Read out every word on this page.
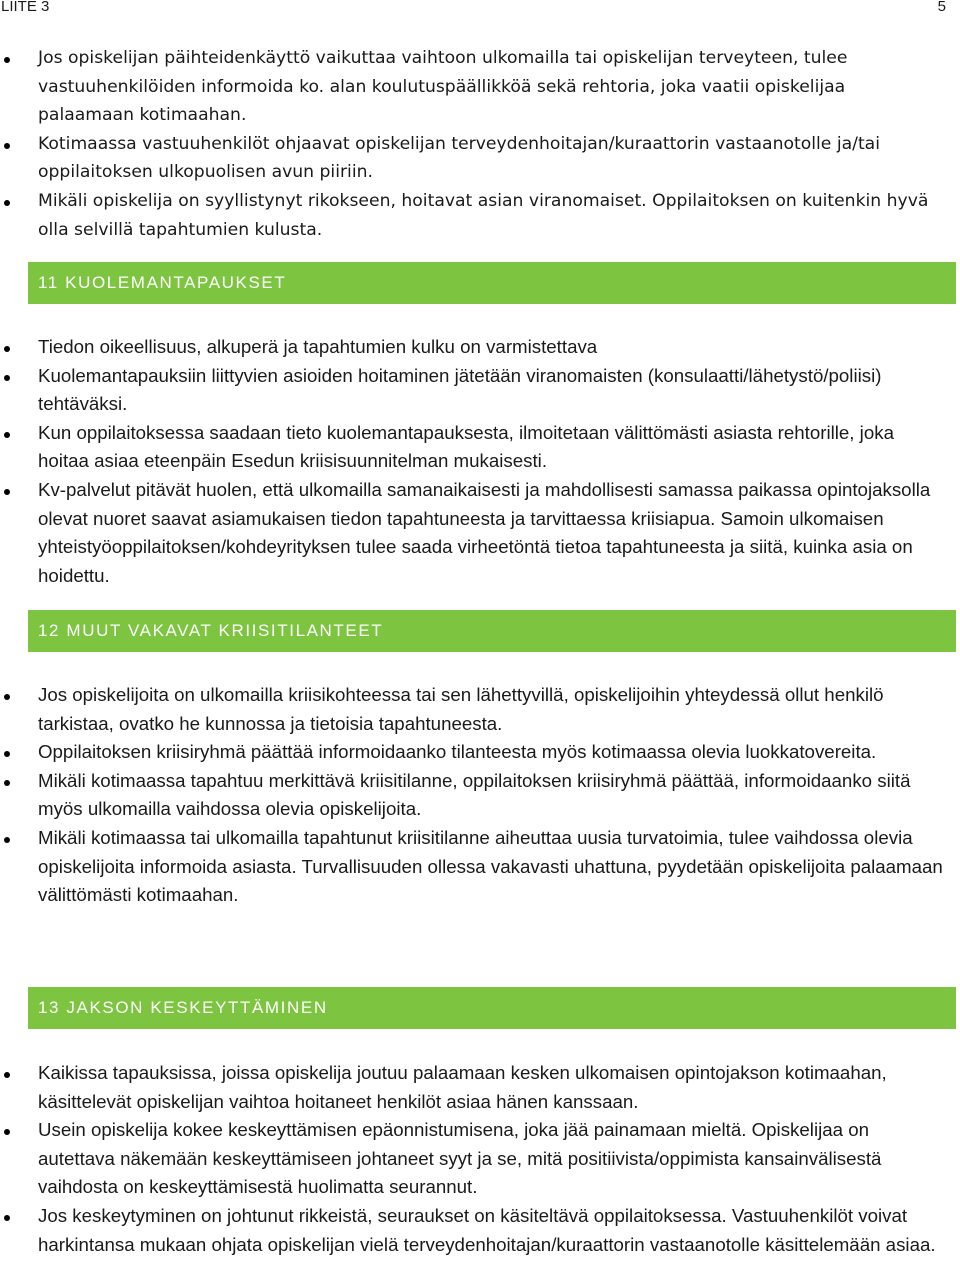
LIITE 3	5
Jos opiskelijan päihteidenkäyttö vaikuttaa vaihtoon ulkomailla tai opiskelijan terveyteen, tulee vastuuhenkilöiden informoida ko. alan koulutuspäällikköä sekä rehtoria, joka vaatii opiskelijaa palaamaan kotimaahan.
Kotimaassa vastuuhenkilöt ohjaavat opiskelijan terveydenhoitajan/kuraattorin vastaanotolle ja/tai oppilaitoksen ulkopuolisen avun piiriin.
Mikäli opiskelija on syyllistynyt rikokseen, hoitavat asian viranomaiset. Oppilaitoksen on kuitenkin hyvä olla selvillä tapahtumien kulusta.
11 KUOLEMANTAPAUKSET
Tiedon oikeellisuus, alkuperä ja tapahtumien kulku on varmistettava
Kuolemantapauksiin liittyvien asioiden hoitaminen jätetään viranomaisten (konsulaatti/lähetystö/poliisi) tehtäväksi.
Kun oppilaitoksessa saadaan tieto kuolemantapauksesta, ilmoitetaan välittömästi asiasta rehtorille, joka hoitaa asiaa eteenpäin Esedun kriisisuunnitelman mukaisesti.
Kv-palvelut pitävät huolen, että ulkomailla samanaikaisesti ja mahdollisesti samassa paikassa opintojaksolla olevat nuoret saavat asiamukaisen tiedon tapahtuneesta ja tarvittaessa kriisiapua. Samoin ulkomaisen yhteistyöoppilaitoksen/kohdeyrityksen tulee saada virheetöntä tietoa tapahtuneesta ja siitä, kuinka asia on hoidettu.
12 MUUT VAKAVAT KRIISITILANTEET
Jos opiskelijoita on ulkomailla kriisikohteessa tai sen lähettyvillä, opiskelijoihin yhteydessä ollut henkilö tarkistaa, ovatko he kunnossa ja tietoisia tapahtuneesta.
Oppilaitoksen kriisiryhmä päättää informoidaanko tilanteesta myös kotimaassa olevia luokkatovereita.
Mikäli kotimaassa tapahtuu merkittävä kriisitilanne, oppilaitoksen kriisiryhmä päättää, informoidaanko siitä myös ulkomailla vaihdossa olevia opiskelijoita.
Mikäli kotimaassa tai ulkomailla tapahtunut kriisitilanne aiheuttaa uusia turvatoimia, tulee vaihdossa olevia opiskelijoita informoida asiasta. Turvallisuuden ollessa vakavasti uhattuna, pyydetään opiskelijoita palaamaan välittömästi kotimaahan.
13 JAKSON KESKEYTTÄMINEN
Kaikissa tapauksissa, joissa opiskelija joutuu palaamaan kesken ulkomaisen opintojakson kotimaahan, käsittelevät opiskelijan vaihtoa hoitaneet henkilöt asiaa hänen kanssaan.
Usein opiskelija kokee keskeyttämisen epäonnistumisena, joka jää painamaan mieltä. Opiskelijaa on autettava näkemään keskeyttämiseen johtaneet syyt ja se, mitä positiivista/oppimista kansainvälisestä vaihdosta on keskeyttämisestä huolimatta seurannut.
Jos keskeytyminen on johtunut rikkeistä, seuraukset on käsiteltävä oppilaitoksessa. Vastuuhenkilöt voivat harkintansa mukaan ohjata opiskelijan vielä terveydenhoitajan/kuraattorin vastaanotolle käsittelemään asiaa.
